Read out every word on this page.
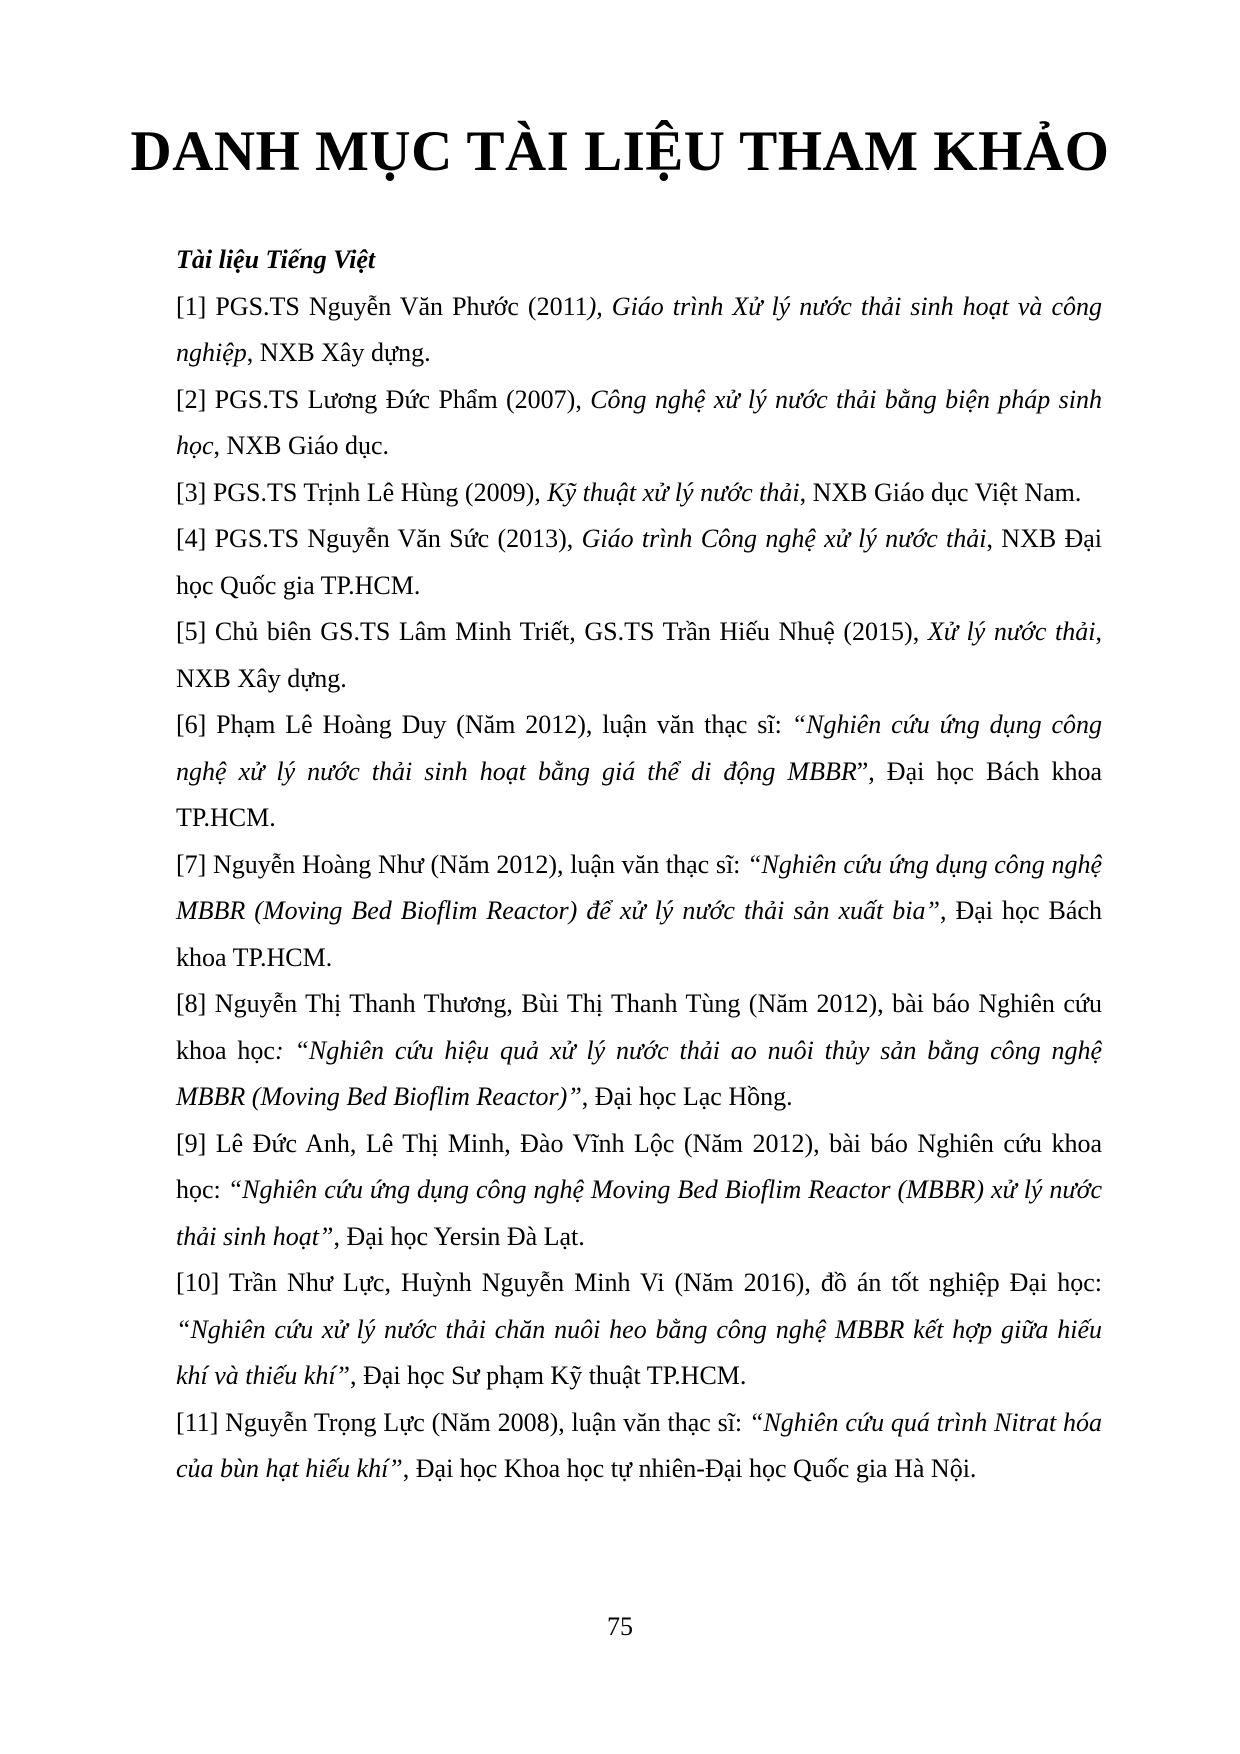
DANH MỤC TÀI LIỆU THAM KHẢO

Tài liệu Tiếng Việt

[1] PGS.TS Nguyễn Văn Phước (2011), Giáo trình Xử lý nước thải sinh hoạt và công nghiệp, NXB Xây dựng.

[2] PGS.TS Lương Đức Phẩm (2007), Công nghệ xử lý nước thải bằng biện pháp sinh học, NXB Giáo dục.

[3] PGS.TS Trịnh Lê Hùng (2009), Kỹ thuật xử lý nước thải, NXB Giáo dục Việt Nam.

[4] PGS.TS Nguyễn Văn Sức (2013), Giáo trình Công nghệ xử lý nước thải, NXB Đại học Quốc gia TP.HCM.

[5] Chủ biên GS.TS Lâm Minh Triết, GS.TS Trần Hiếu Nhuệ (2015), Xử lý nước thải, NXB Xây dựng.

[6] Phạm Lê Hoàng Duy (Năm 2012), luận văn thạc sĩ: “Nghiên cứu ứng dụng công nghệ xử lý nước thải sinh hoạt bằng giá thể di động MBBR”, Đại học Bách khoa TP.HCM.

[7] Nguyễn Hoàng Như (Năm 2012), luận văn thạc sĩ: “Nghiên cứu ứng dụng công nghệ MBBR (Moving Bed Bioflim Reactor) để xử lý nước thải sản xuất bia”, Đại học Bách khoa TP.HCM.

[8] Nguyễn Thị Thanh Thương, Bùi Thị Thanh Tùng (Năm 2012), bài báo Nghiên cứu khoa học: “Nghiên cứu hiệu quả xử lý nước thải ao nuôi thủy sản bằng công nghệ MBBR (Moving Bed Bioflim Reactor)”, Đại học Lạc Hồng.

[9] Lê Đức Anh, Lê Thị Minh, Đào Vĩnh Lộc (Năm 2012), bài báo Nghiên cứu khoa học: “Nghiên cứu ứng dụng công nghệ Moving Bed Bioflim Reactor (MBBR) xử lý nước thải sinh hoạt”, Đại học Yersin Đà Lạt.

[10] Trần Như Lực, Huỳnh Nguyễn Minh Vi (Năm 2016), đồ án tốt nghiệp Đại học: “Nghiên cứu xử lý nước thải chăn nuôi heo bằng công nghệ MBBR kết hợp giữa hiếu khí và thiếu khí”, Đại học Sư phạm Kỹ thuật TP.HCM.

[11] Nguyễn Trọng Lực (Năm 2008), luận văn thạc sĩ: “Nghiên cứu quá trình Nitrat hóa của bùn hạt hiếu khí”, Đại học Khoa học tự nhiên-Đại học Quốc gia Hà Nội.

75
